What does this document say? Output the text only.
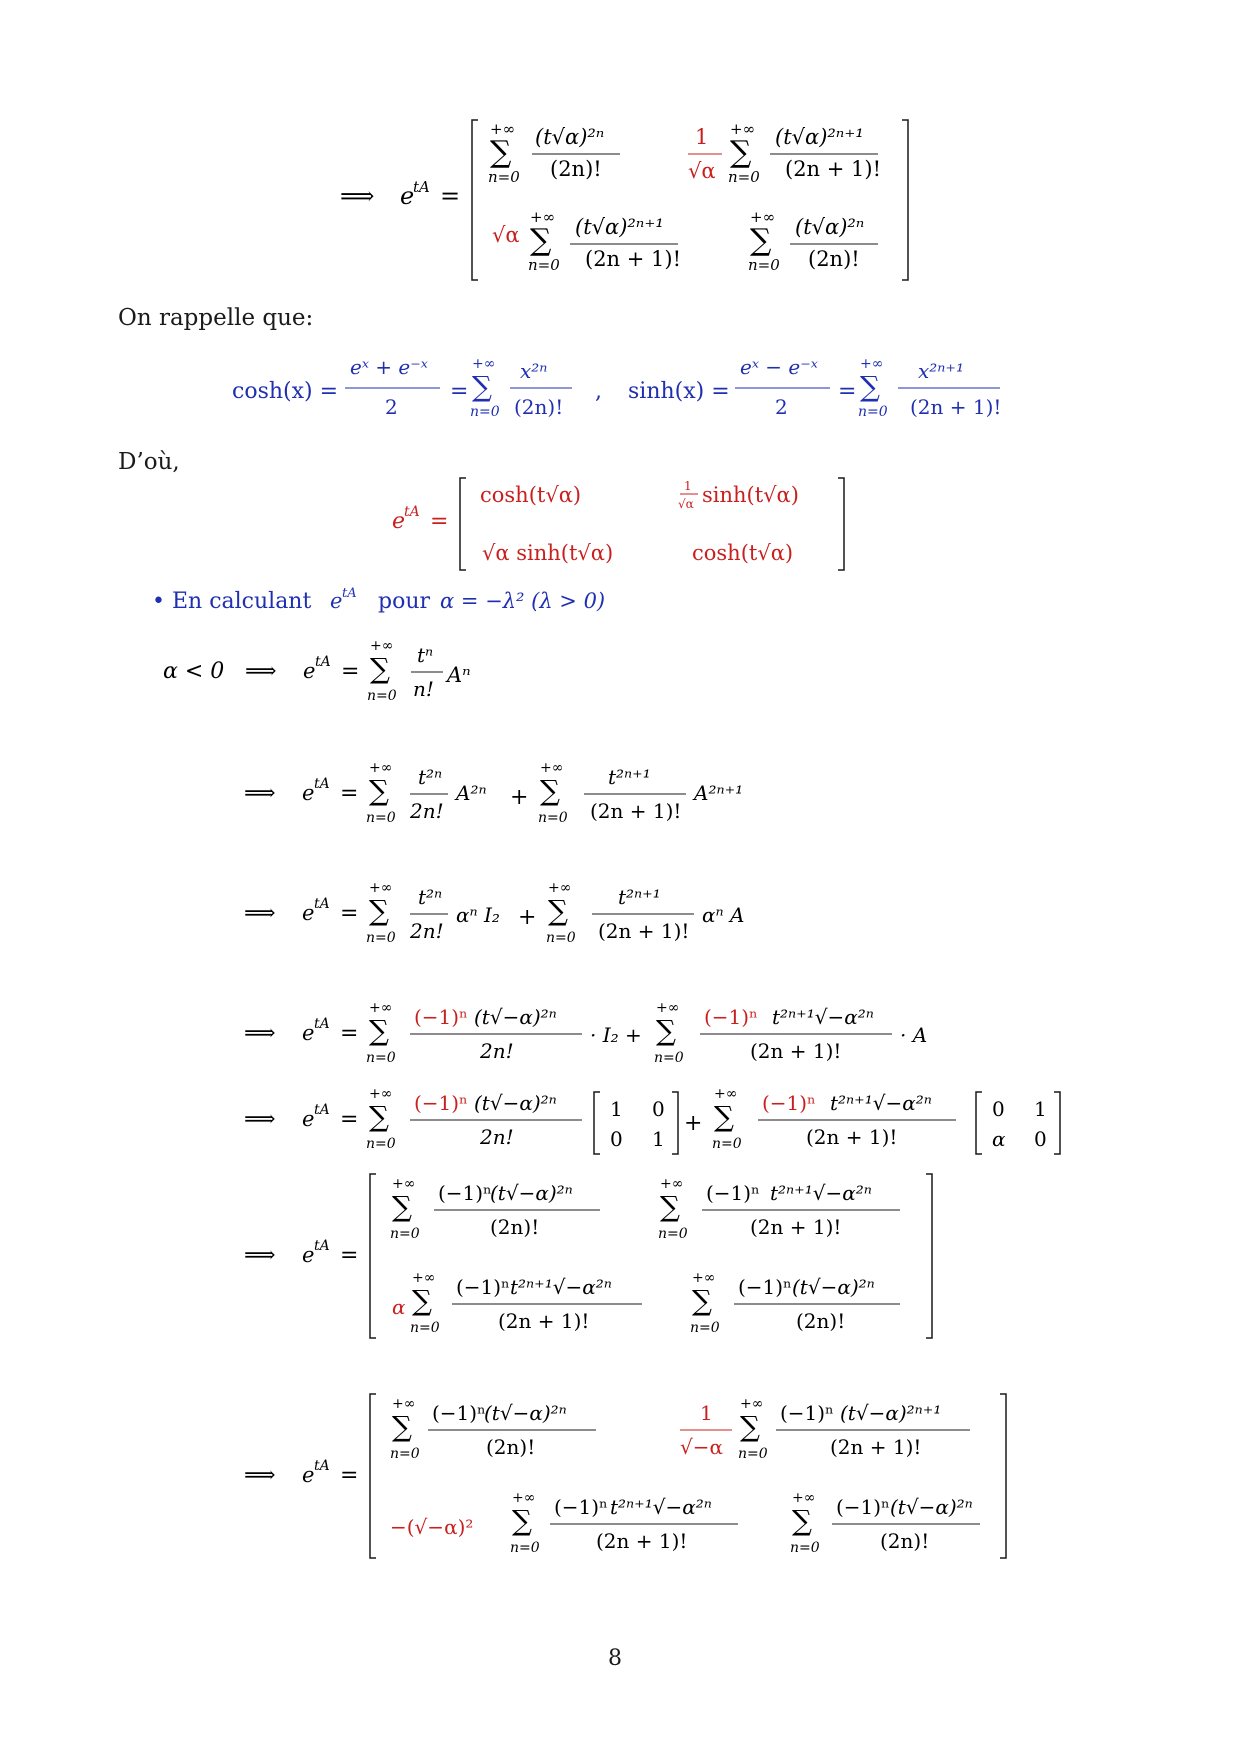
⟹ e
tA =
+∞
∑
n=0
(t√α)²ⁿ
(2n)!
1
√α
+∞
∑
n=0
(t√α)²ⁿ⁺¹
(2n + 1)!
√α
+∞
∑
n=0
(t√α)²ⁿ⁺¹
(2n + 1)!
+∞
∑
n=0
(t√α)²ⁿ
(2n)!
On rappelle que:
cosh(x) =
eˣ + e⁻ˣ
2
=
+∞
∑
n=0
x²ⁿ
(2n)!
, sinh(x) =
eˣ − e⁻ˣ
2
=
+∞
∑
n=0
x²ⁿ⁺¹
(2n + 1)!
D’où,
e
tA =
cosh(t√α)	1
√α sinh(t√α)
√α sinh(t√α)	cosh(t√α)
• En calculant e tA pour α = −λ² (λ > 0)
α < 0 ⟹ e tA =
+∞
∑
n=0
tⁿ
n!
Aⁿ
⟹ e tA =
+∞
∑
n=0
t²ⁿ
2n!
A²ⁿ +
+∞
∑
n=0
t²ⁿ⁺¹
(2n + 1)!
A²ⁿ⁺¹
⟹ e tA =
+∞
∑
n=0
t²ⁿ
2n!
αⁿ I₂ +
+∞
∑
n=0
t²ⁿ⁺¹
(2n + 1)!
αⁿ A
⟹ e tA =
+∞
∑
n=0
(−1)ⁿ (t√−α)²ⁿ
2n!
· I₂ +
+∞
∑
n=0
(−1)ⁿ t²ⁿ⁺¹√−α²ⁿ
(2n + 1)!
· A
⟹ e tA =
+∞
∑
n=0
(−1)ⁿ (t√−α)²ⁿ
2n!
1 0
0 1
+
+∞
∑
n=0
(−1)ⁿ t²ⁿ⁺¹√−α²ⁿ
(2n + 1)!
0 1
α 0
⟹ e tA =
+∞
∑
n=0
(−1)ⁿ
(t√−α)²ⁿ
(2n)!
+∞
∑
n=0
(−1)ⁿ t²ⁿ⁺¹√−α²ⁿ
(2n + 1)!
α
+∞
∑
n=0
(−1)ⁿ t²ⁿ⁺¹√−α²ⁿ
(2n + 1)!
+∞
∑
n=0
(−1)ⁿ (t√−α)²ⁿ
(2n)!
⟹ e tA =
+∞
∑
n=0
(−1)ⁿ
(t√−α)²ⁿ
(2n)!
1
√−α
+∞
∑
n=0
(−1)ⁿ (t√−α)²ⁿ⁺¹
(2n + 1)!
−(√−α)²
+∞
∑
n=0
(−1)ⁿ t²ⁿ⁺¹√−α²ⁿ
(2n + 1)!
+∞
∑
n=0
(−1)ⁿ (t√−α)²ⁿ
(2n)!
8
